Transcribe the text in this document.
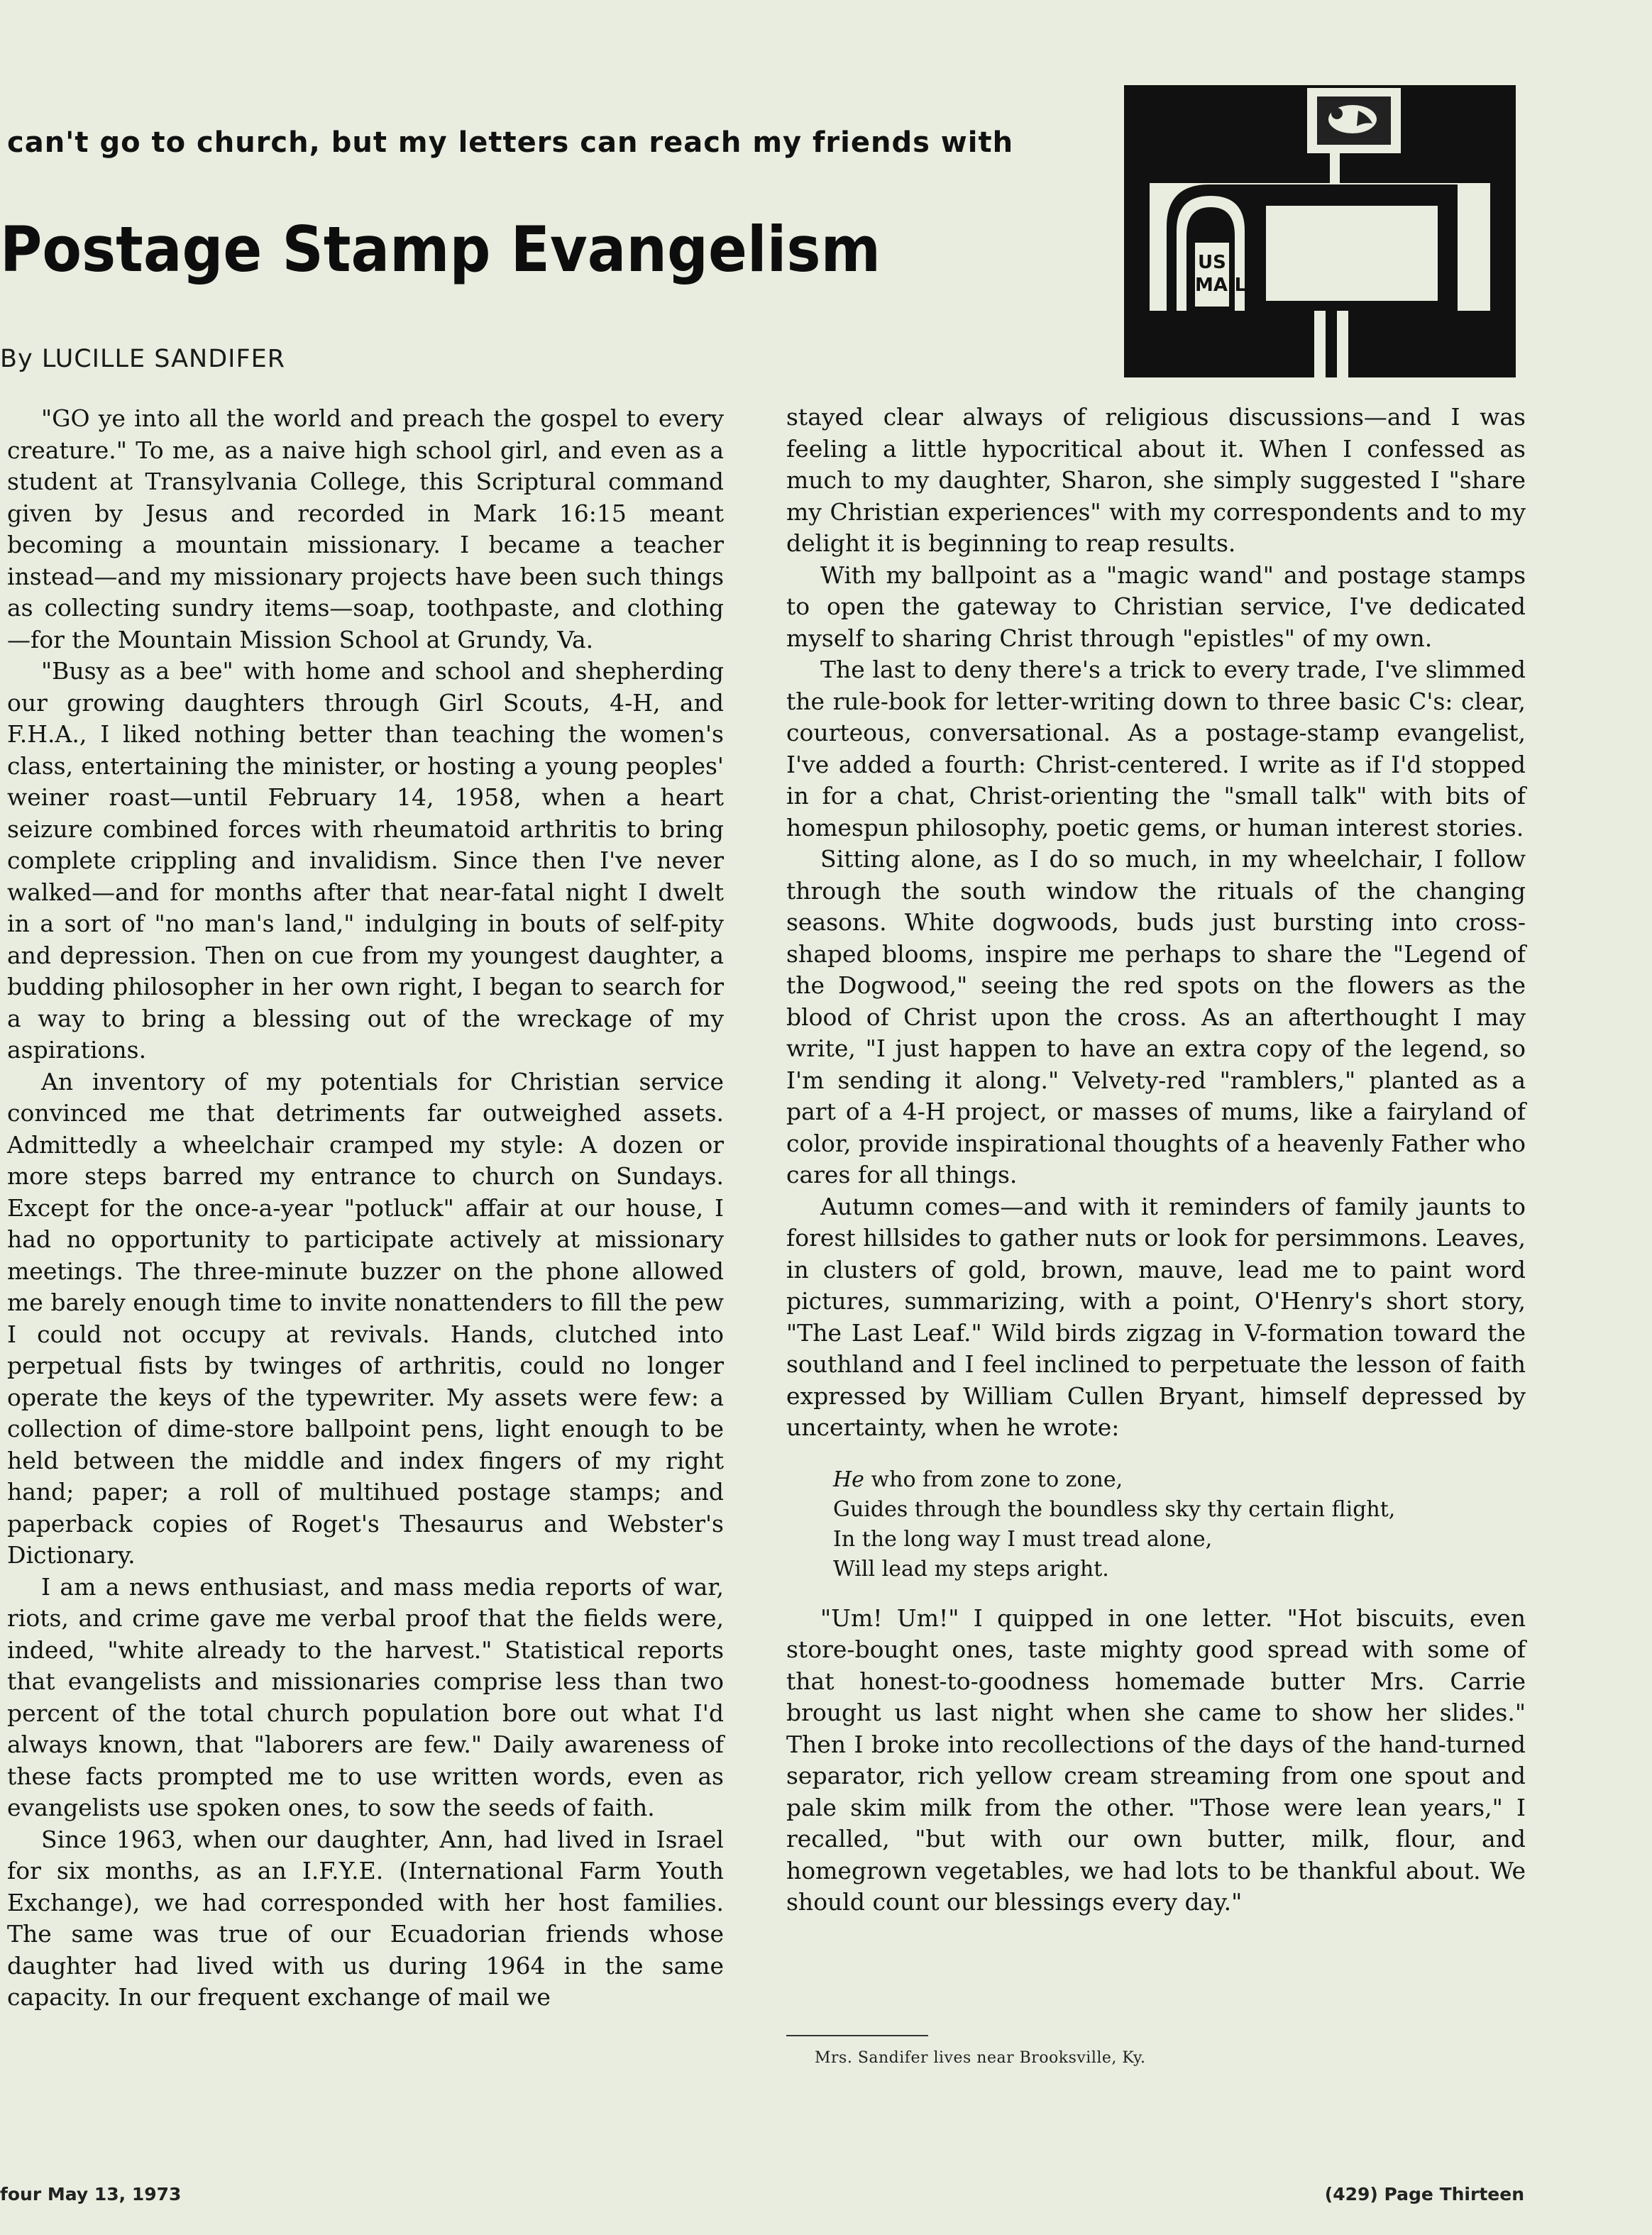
can't go to church, but my letters can reach my friends with
Postage Stamp Evangelism
By LUCILLE SANDIFER
US
MAIL

"GO ye into all the world and preach the gospel to every creature." To me, as a naive high school girl, and even as a student at Transylvania College, this Scriptural command given by Jesus and recorded in Mark 16:15 meant becoming a mountain missionary. I became a teacher instead—and my missionary projects have been such things as collecting sundry items—soap, toothpaste, and clothing—for the Mountain Mission School at Grundy, Va.

"Busy as a bee" with home and school and shepherding our growing daughters through Girl Scouts, 4-H, and F.H.A., I liked nothing better than teaching the women's class, entertaining the minister, or hosting a young peoples' weiner roast—until February 14, 1958, when a heart seizure combined forces with rheumatoid arthritis to bring complete crippling and invalidism. Since then I've never walked—and for months after that near-fatal night I dwelt in a sort of "no man's land," indulging in bouts of self-pity and depression. Then on cue from my youngest daughter, a budding philosopher in her own right, I began to search for a way to bring a blessing out of the wreckage of my aspirations.

An inventory of my potentials for Christian service convinced me that detriments far outweighed assets. Admittedly a wheelchair cramped my style: A dozen or more steps barred my entrance to church on Sundays. Except for the once-a-year "potluck" affair at our house, I had no opportunity to participate actively at missionary meetings. The three-minute buzzer on the phone allowed me barely enough time to invite nonattenders to fill the pew I could not occupy at revivals. Hands, clutched into perpetual fists by twinges of arthritis, could no longer operate the keys of the typewriter. My assets were few: a collection of dime-store ballpoint pens, light enough to be held between the middle and index fingers of my right hand; paper; a roll of multihued postage stamps; and paperback copies of Roget's Thesaurus and Webster's Dictionary.

I am a news enthusiast, and mass media reports of war, riots, and crime gave me verbal proof that the fields were, indeed, "white already to the harvest." Statistical reports that evangelists and missionaries comprise less than two percent of the total church population bore out what I'd always known, that "laborers are few." Daily awareness of these facts prompted me to use written words, even as evangelists use spoken ones, to sow the seeds of faith.

Since 1963, when our daughter, Ann, had lived in Israel for six months, as an I.F.Y.E. (International Farm Youth Exchange), we had corresponded with her host families. The same was true of our Ecuadorian friends whose daughter had lived with us during 1964 in the same capacity. In our frequent exchange of mail we

stayed clear always of religious discussions—and I was feeling a little hypocritical about it. When I confessed as much to my daughter, Sharon, she simply suggested I "share my Christian experiences" with my correspondents and to my delight it is beginning to reap results.

With my ballpoint as a "magic wand" and postage stamps to open the gateway to Christian service, I've dedicated myself to sharing Christ through "epistles" of my own.

The last to deny there's a trick to every trade, I've slimmed the rule-book for letter-writing down to three basic C's: clear, courteous, conversational. As a postage-stamp evangelist, I've added a fourth: Christ-centered. I write as if I'd stopped in for a chat, Christ-orienting the "small talk" with bits of homespun philosophy, poetic gems, or human interest stories.

Sitting alone, as I do so much, in my wheelchair, I follow through the south window the rituals of the changing seasons. White dogwoods, buds just bursting into cross-shaped blooms, inspire me perhaps to share the "Legend of the Dogwood," seeing the red spots on the flowers as the blood of Christ upon the cross. As an afterthought I may write, "I just happen to have an extra copy of the legend, so I'm sending it along." Velvety-red "ramblers," planted as a part of a 4-H project, or masses of mums, like a fairyland of color, provide inspirational thoughts of a heavenly Father who cares for all things.

Autumn comes—and with it reminders of family jaunts to forest hillsides to gather nuts or look for persimmons. Leaves, in clusters of gold, brown, mauve, lead me to paint word pictures, summarizing, with a point, O'Henry's short story, "The Last Leaf." Wild birds zigzag in V-formation toward the southland and I feel inclined to perpetuate the lesson of faith expressed by William Cullen Bryant, himself depressed by uncertainty, when he wrote:

He who from zone to zone,
Guides through the boundless sky thy certain flight,
In the long way I must tread alone,
Will lead my steps aright.

"Um! Um!" I quipped in one letter. "Hot biscuits, even store-bought ones, taste mighty good spread with some of that honest-to-goodness homemade butter Mrs. Carrie brought us last night when she came to show her slides." Then I broke into recollections of the days of the hand-turned separator, rich yellow cream streaming from one spout and pale skim milk from the other. "Those were lean years," I recalled, "but with our own butter, milk, flour, and homegrown vegetables, we had lots to be thankful about. We should count our blessings every day."

Mrs. Sandifer lives near Brooksville, Ky.
four May 13, 1973	(429) Page Thirteen
